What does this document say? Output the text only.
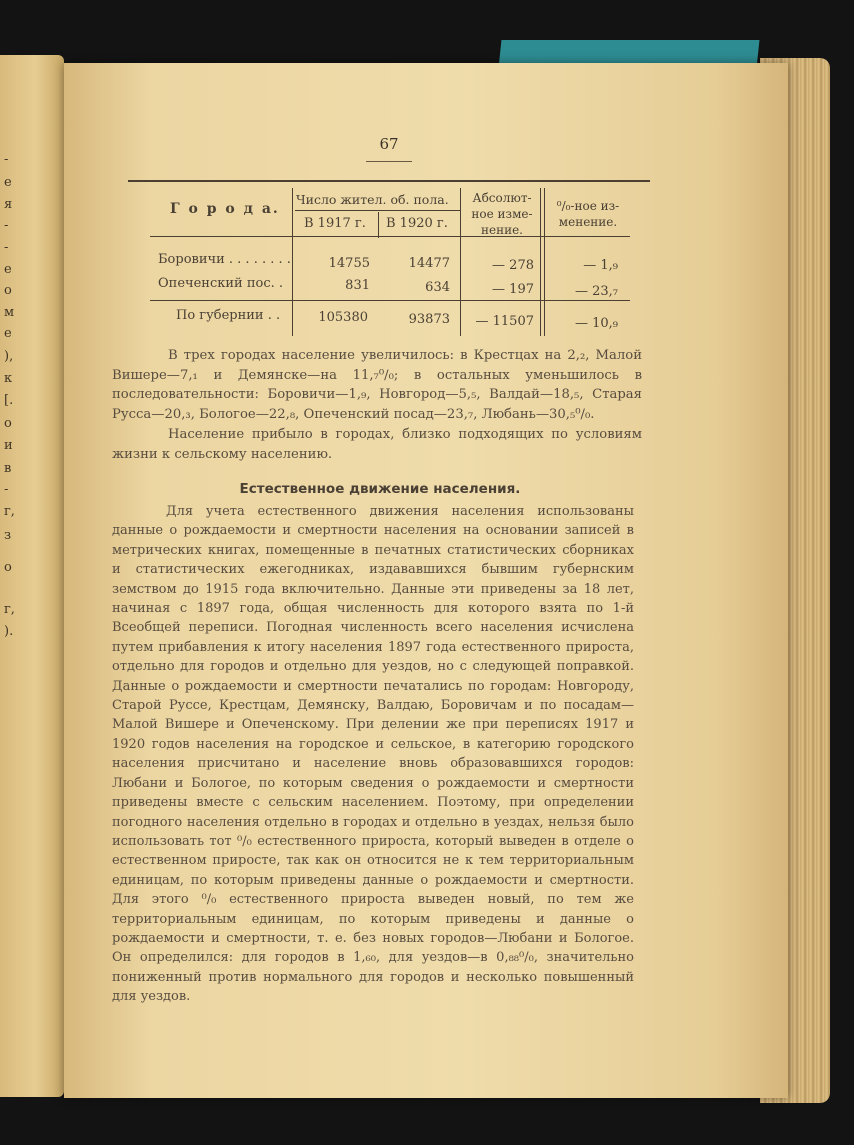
-
е
я
-
-
е
о
м
е
),
к
[.
о
и
в
-
г,
з
о
г,
).
67
Г о р о д а.
Число жител. об. пола.
В 1917 г. В 1920 г.
Абсолют- ное изме- нение.
⁰/₀-ное из- менение.
Боровичи . . . . . . . .	14755	14477	— 278	— 1,₉
Опеченский пос. .	831	634	— 197	— 23,₇
По губернии . .	105380	93873	— 11507	— 10,₉
В трех городах население увеличилось: в Крестцах на 2,₂, Малой Вишере—7,₁ и Демянске—на 11,₇⁰/₀; в остальных уменьшилось в последовательности: Боровичи—1,₉, Новгород—5,₅, Валдай—18,₅, Старая Русса—20,₃, Бологое—22,₈, Опеченский посад—23,₇, Любань—30,₅⁰/₀.
Население прибыло в городах, близко подходящих по условиям жизни к сельскому населению.
Естественное движение населения.
Для учета естественного движения населения использованы данные о рождаемости и смертности населения на основании записей в метрических книгах, помещенные в печатных статистических сборниках и статистических ежегодниках, издававшихся бывшим губернским земством до 1915 года включительно. Данные эти приведены за 18 лет, начиная с 1897 года, общая численность для которого взята по 1-й Всеобщей переписи. Погодная численность всего населения исчислена путем прибавления к итогу населения 1897 года естественного прироста, отдельно для городов и отдельно для уездов, но с следующей поправкой. Данные о рождаемости и смертности печатались по городам: Новгороду, Старой Руссе, Крестцам, Демянску, Валдаю, Боровичам и по посадам—Малой Вишере и Опеченскому. При делении же при переписях 1917 и 1920 годов населения на городское и сельское, в категорию городского населения присчитано и население вновь образовавшихся городов: Любани и Бологое, по которым сведения о рождаемости и смертности приведены вместе с сельским населением. Поэтому, при определении погодного населения отдельно в городах и отдельно в уездах, нельзя было использовать тот ⁰/₀ естественного прироста, который выведен в отделе о естественном приросте, так как он относится не к тем территориальным единицам, по которым приведены данные о рождаемости и смертности. Для этого ⁰/₀ естественного прироста выведен новый, по тем же территориальным единицам, по которым приведены и данные о рождаемости и смертности, т. е. без новых городов—Любани и Бологое. Он определился: для городов в 1,₆₀, для уездов—в 0,₈₈⁰/₀, значительно пониженный против нормального для городов и несколько повышенный для уездов.
